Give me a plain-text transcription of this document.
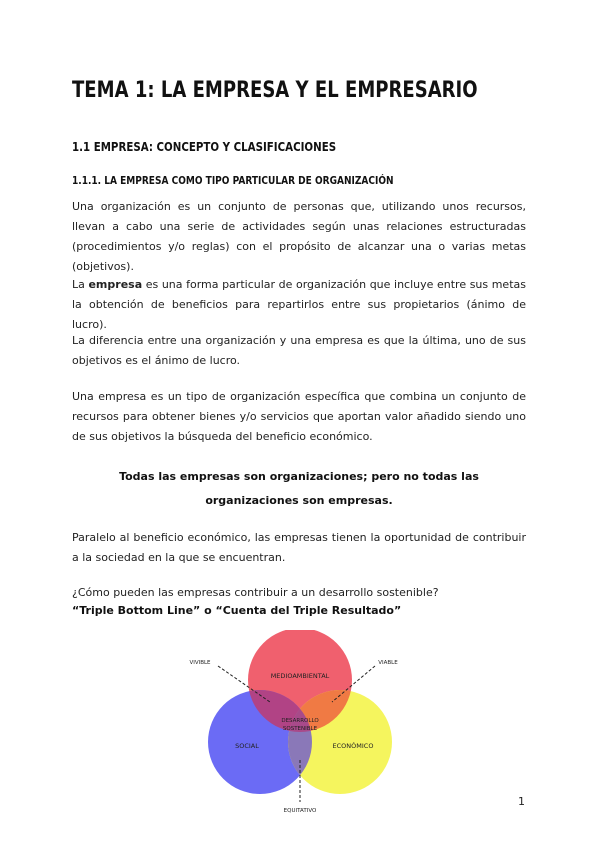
TEMA 1: LA EMPRESA Y EL EMPRESARIO
1.1 EMPRESA: CONCEPTO Y CLASIFICACIONES
1.1.1. LA EMPRESA COMO TIPO PARTICULAR DE ORGANIZACIÓN

Una organización es un conjunto de personas que, utilizando unos recursos, llevan a cabo una serie de actividades según unas relaciones estructuradas (procedimientos y/o reglas) con el propósito de alcanzar una o varias metas (objetivos).

La empresa es una forma particular de organización que incluye entre sus metas la obtención de beneficios para repartirlos entre sus propietarios (ánimo de lucro).

La diferencia entre una organización y una empresa es que la última, uno de sus objetivos es el ánimo de lucro.

Una empresa es un tipo de organización específica que combina un conjunto de recursos para obtener bienes y/o servicios que aportan valor añadido siendo uno de sus objetivos la búsqueda del beneficio económico.

Todas las empresas son organizaciones; pero no todas las organizaciones son empresas.

Paralelo al beneficio económico, las empresas tienen la oportunidad de contribuir a la sociedad en la que se encuentran.

¿Cómo pueden las empresas contribuir a un desarrollo sostenible?

“Triple Bottom Line” o “Cuenta del Triple Resultado”

MEDIOAMBIENTAL
SOCIAL	ECONÓMICO
DESARROLLO
SOSTENIBLE
VIVIBLE	VIABLE
EQUITATIVO
1
